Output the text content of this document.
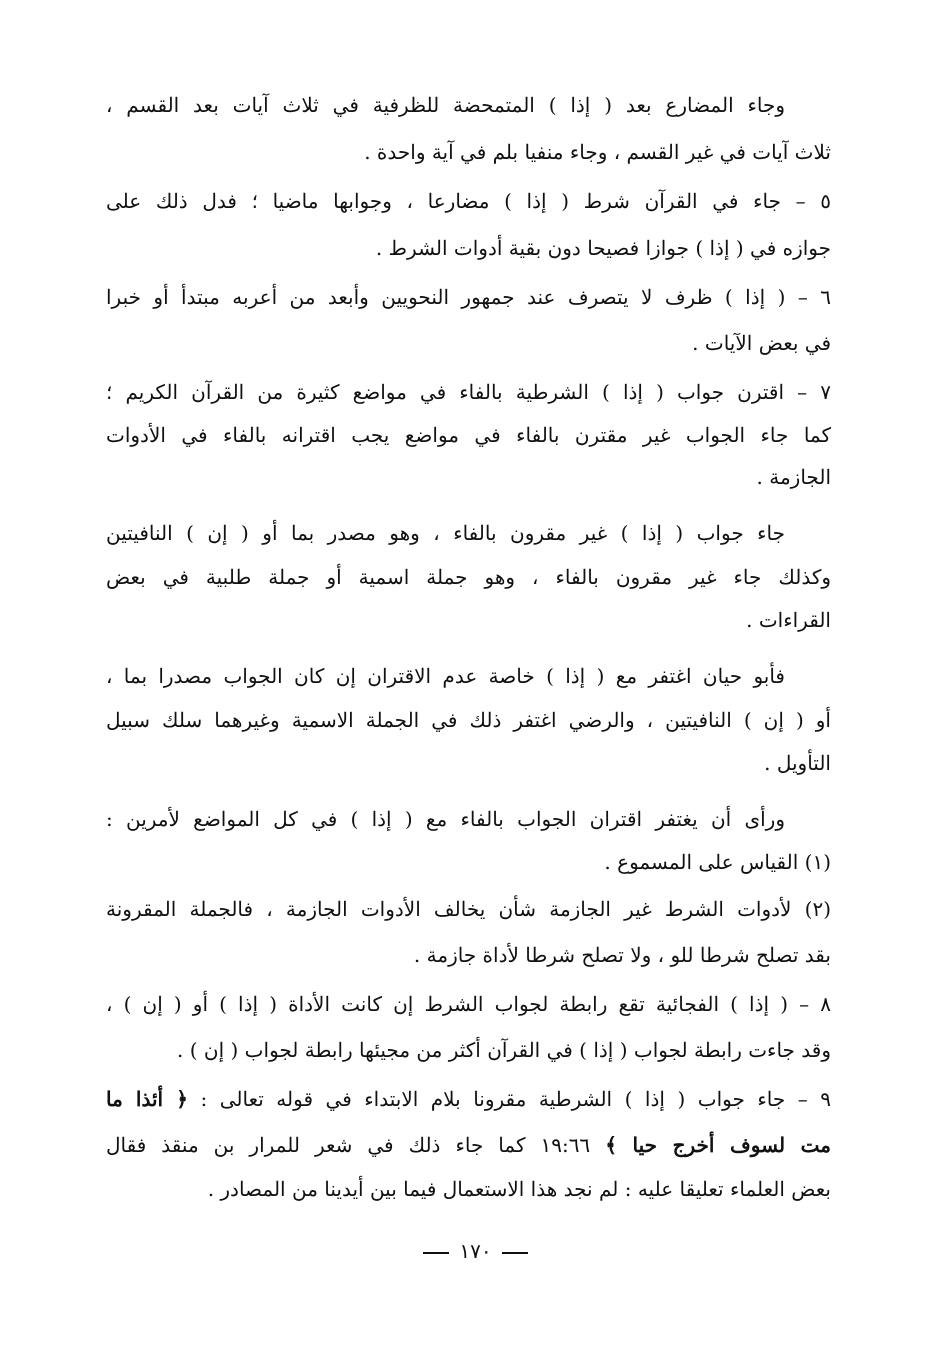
وجاء المضارع بعد ( إذا ) المتمحضة للظرفية في ثلاث آيات بعد القسم ،
ثلاث آيات في غير القسم ، وجاء منفيا بلم في آية واحدة .
٥ – جاء في القرآن شرط ( إذا ) مضارعا ، وجوابها ماضيا ؛ فدل ذلك على
جوازه في ( إذا ) جوازا فصيحا دون بقية أدوات الشرط .
٦ – ( إذا ) ظرف لا يتصرف عند جمهور النحويين وأبعد من أعربه مبتدأ أو خبرا
في بعض الآيات .
٧ – اقترن جواب ( إذا ) الشرطية بالفاء في مواضع كثيرة من القرآن الكريم ؛
كما جاء الجواب غير مقترن بالفاء في مواضع يجب اقترانه بالفاء في الأدوات
الجازمة .
جاء جواب ( إذا ) غير مقرون بالفاء ، وهو مصدر بما أو ( إن ) النافيتين
وكذلك جاء غير مقرون بالفاء ، وهو جملة اسمية أو جملة طلبية في بعض
القراءات .
فأبو حيان اغتفر مع ( إذا ) خاصة عدم الاقتران إن كان الجواب مصدرا بما ،
أو ( إن ) النافيتين ، والرضي اغتفر ذلك في الجملة الاسمية وغيرهما سلك سبيل
التأويل .
ورأى أن يغتفر اقتران الجواب بالفاء مع ( إذا ) في كل المواضع لأمرين :
(١) القياس على المسموع .
(٢) لأدوات الشرط غير الجازمة شأن يخالف الأدوات الجازمة ، فالجملة المقرونة
بقد تصلح شرطا للو ، ولا تصلح شرطا لأداة جازمة .
٨ – ( إذا ) الفجائية تقع رابطة لجواب الشرط إن كانت الأداة ( إذا ) أو ( إن ) ،
وقد جاءت رابطة لجواب ( إذا ) في القرآن أكثر من مجيئها رابطة لجواب ( إن ) .
٩ – جاء جواب ( إذا ) الشرطية مقرونا بلام الابتداء في قوله تعالى : ﴿ أئذا ما
مت لسوف أخرج حيا ﴾ ١٩:٦٦ كما جاء ذلك في شعر للمرار بن منقذ فقال
بعض العلماء تعليقا عليه : لم نجد هذا الاستعمال فيما بين أيدينا من المصادر .
١٧٠
